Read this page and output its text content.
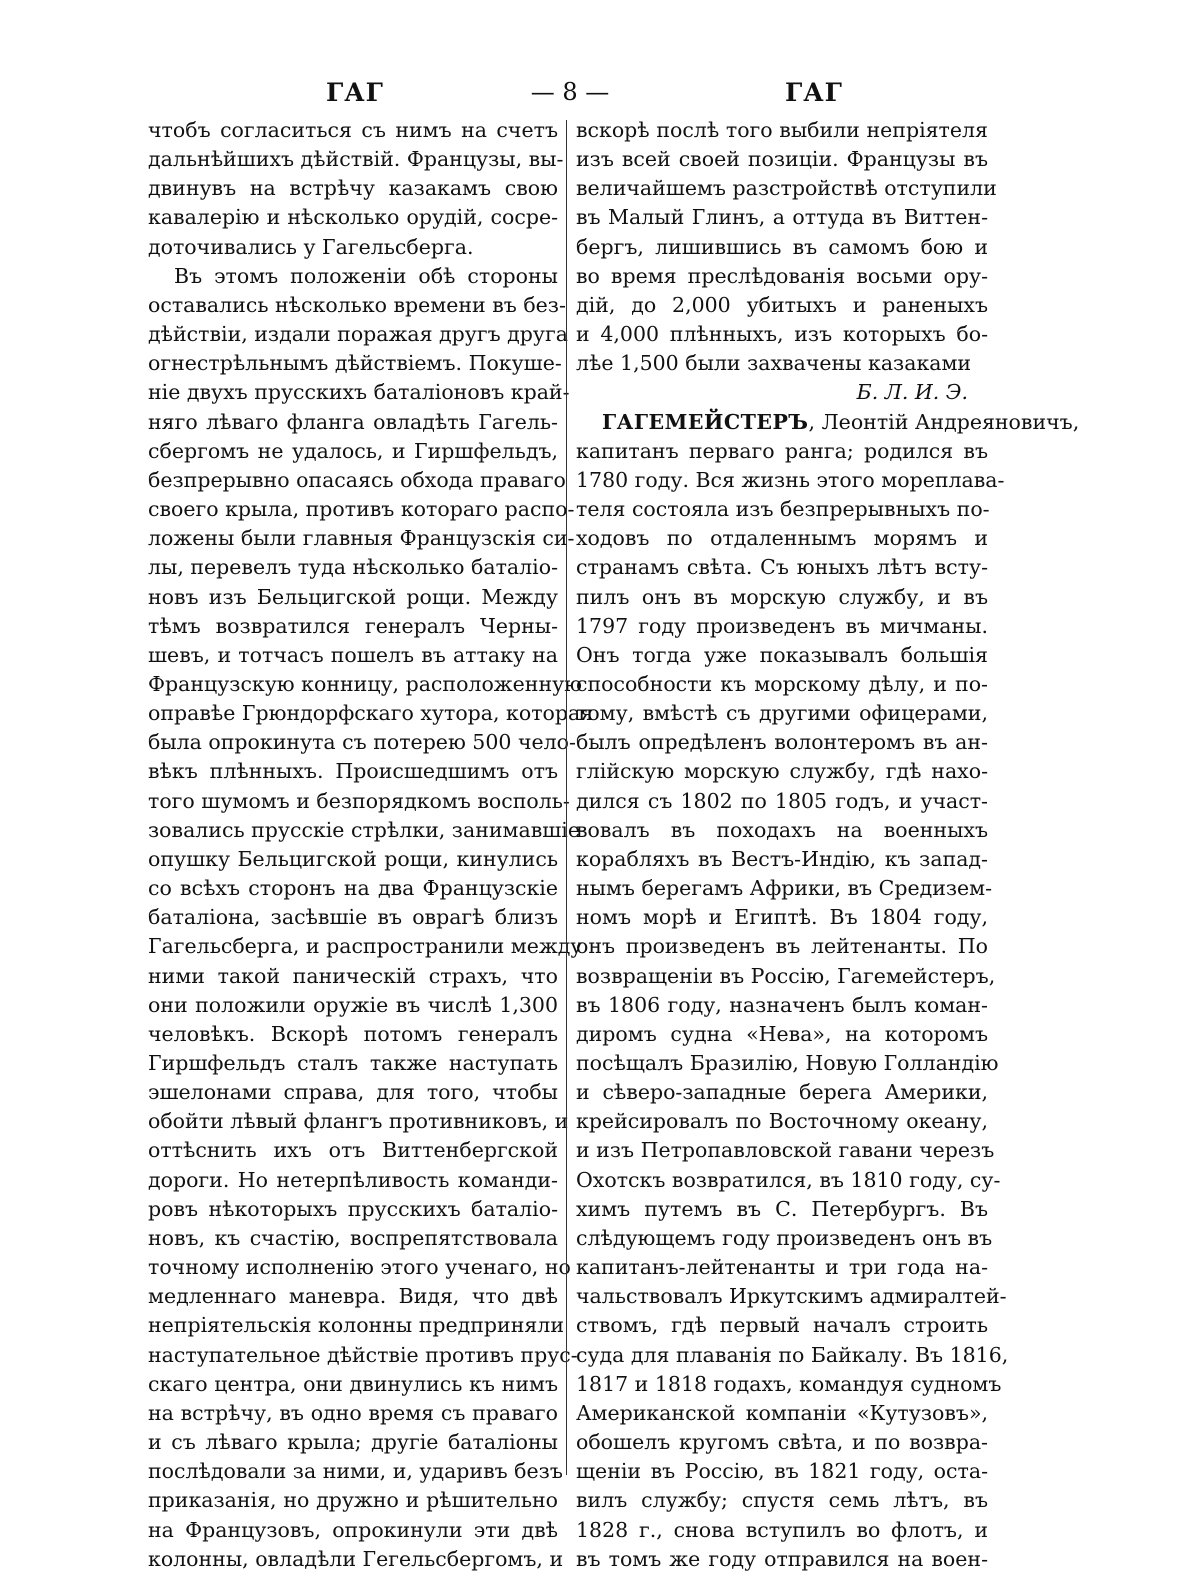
ГАГ	— 8 —	ГАГ
чтобъ согласиться съ нимъ на счетъ
дальнѣйшихъ дѣйствій. Французы, вы-
двинувъ на встрѣчу казакамъ свою
кавалерію и нѣсколько орудій, сосре-
доточивались у Гагельсберга.
Въ этомъ положеніи обѣ стороны
оставались нѣсколько времени въ без-
дѣйствіи, издали поражая другъ друга
огнестрѣльнымъ дѣйствіемъ. Покуше-
ніе двухъ прусскихъ баталіоновъ край-
няго лѣваго фланга овладѣть Гагель-
сбергомъ не удалось, и Гиршфельдъ,
безпрерывно опасаясь обхода праваго
своего крыла, противъ котораго распо-
ложены были главныя Французскія си-
лы, перевелъ туда нѣсколько баталіо-
новъ изъ Бельцигской рощи. Между
тѣмъ возвратился генералъ Черны-
шевъ, и тотчасъ пошелъ въ аттаку на
Французскую конницу, расположенную
оправѣе Грюндорфскаго хутора, которая
была опрокинута съ потерею 500 чело-
вѣкъ плѣнныхъ. Происшедшимъ отъ
того шумомъ и безпорядкомъ восполь-
зовались прусскіе стрѣлки, занимавшіе
опушку Бельцигской рощи, кинулись
со всѣхъ сторонъ на два Французскіе
баталіона, засѣвшіе въ оврагѣ близъ
Гагельсберга, и распространили между
ними такой паническій страхъ, что
они положили оружіе въ числѣ 1,300
человѣкъ. Вскорѣ потомъ генералъ
Гиршфельдъ сталъ также наступать
эшелонами справа, для того, чтобы
обойти лѣвый флангъ противниковъ, и
оттѣснить ихъ отъ Виттенбергской
дороги. Но нетерпѣливость команди-
ровъ нѣкоторыхъ прусскихъ баталіо-
новъ, къ счастію, воспрепятствовала
точному исполненію этого ученаго, но
медленнаго маневра. Видя, что двѣ
непріятельскія колонны предприняли
наступательное дѣйствіе противъ прус-
скаго центра, они двинулись къ нимъ
на встрѣчу, въ одно время съ праваго
и съ лѣваго крыла; другіе баталіоны
послѣдовали за ними, и, ударивъ безъ
приказанія, но дружно и рѣшительно
на Французовъ, опрокинули эти двѣ
колонны, овладѣли Гегельсбергомъ, и
вскорѣ послѣ того выбили непріятеля
изъ всей своей позиціи. Французы въ
величайшемъ разстройствѣ отступили
въ Малый Глинъ, а оттуда въ Виттен-
бергъ, лишившись въ самомъ бою и
во время преслѣдованія восьми ору-
дій, до 2,000 убитыхъ и раненыхъ
и 4,000 плѣнныхъ, изъ которыхъ бо-
лѣе 1,500 были захвачены казаками
Б. Л. И. Э.
ГАГЕМЕЙСТЕРЪ, Леонтій Андреяновичъ,
капитанъ перваго ранга; родился въ
1780 году. Вся жизнь этого мореплава-
теля состояла изъ безпрерывныхъ по-
ходовъ по отдаленнымъ морямъ и
странамъ свѣта. Съ юныхъ лѣтъ всту-
пилъ онъ въ морскую службу, и въ
1797 году произведенъ въ мичманы.
Онъ тогда уже показывалъ большія
способности къ морскому дѣлу, и по-
тому, вмѣстѣ съ другими офицерами,
былъ опредѣленъ волонтеромъ въ ан-
глійскую морскую службу, гдѣ нахо-
дился съ 1802 по 1805 годъ, и участ-
вовалъ въ походахъ на военныхъ
корабляхъ въ Вестъ-Индію, къ запад-
нымъ берегамъ Африки, въ Средизем-
номъ морѣ и Египтѣ. Въ 1804 году,
онъ произведенъ въ лейтенанты. По
возвращеніи въ Россію, Гагемейстеръ,
въ 1806 году, назначенъ былъ коман-
диромъ судна «Нева», на которомъ
посѣщалъ Бразилію, Новую Голландію
и сѣверо-западные берега Америки,
крейсировалъ по Восточному океану,
и изъ Петропавловской гавани черезъ
Охотскъ возвратился, въ 1810 году, су-
химъ путемъ въ С. Петербургъ. Въ
слѣдующемъ году произведенъ онъ въ
капитанъ-лейтенанты и три года на-
чальствовалъ Иркутскимъ адмиралтей-
ствомъ, гдѣ первый началъ строить
суда для плаванія по Байкалу. Въ 1816,
1817 и 1818 годахъ, командуя судномъ
Американской компаніи «Кутузовъ»,
обошелъ кругомъ свѣта, и по возвра-
щеніи въ Россію, въ 1821 году, оста-
вилъ службу; спустя семь лѣтъ, въ
1828 г., снова вступилъ во флотъ, и
въ томъ же году отправился на воен-
